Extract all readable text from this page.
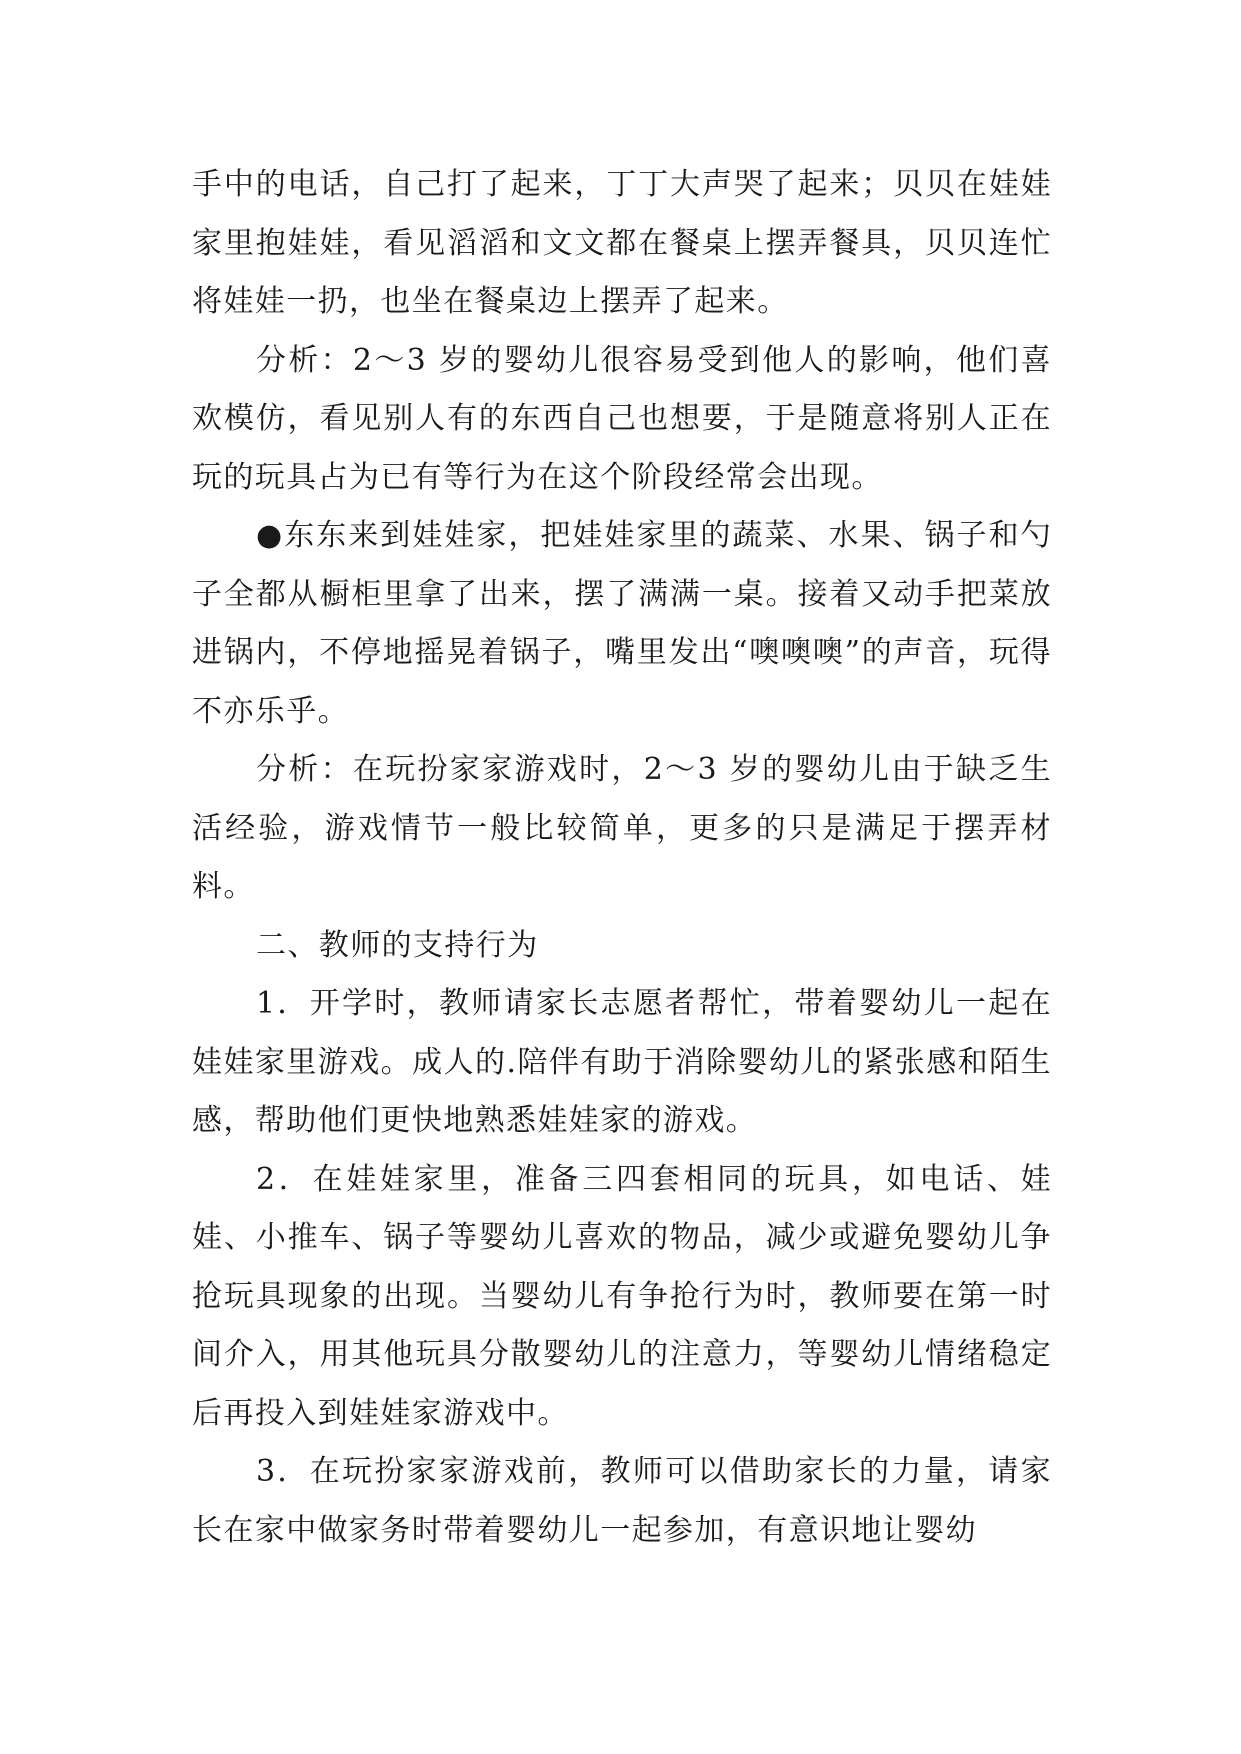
手中的电话，自己打了起来，丁丁大声哭了起来；贝贝在娃娃家里抱娃娃，看见滔滔和文文都在餐桌上摆弄餐具，贝贝连忙将娃娃一扔，也坐在餐桌边上摆弄了起来。

分析：2～3 岁的婴幼儿很容易受到他人的影响，他们喜欢模仿，看见别人有的东西自己也想要，于是随意将别人正在玩的玩具占为已有等行为在这个阶段经常会出现。

●东东来到娃娃家，把娃娃家里的蔬菜、水果、锅子和勺子全都从橱柜里拿了出来，摆了满满一桌。接着又动手把菜放进锅内，不停地摇晃着锅子，嘴里发出“噢噢噢”的声音，玩得不亦乐乎。

分析：在玩扮家家游戏时，2～3 岁的婴幼儿由于缺乏生活经验，游戏情节一般比较简单，更多的只是满足于摆弄材料。

二、教师的支持行为

1．开学时，教师请家长志愿者帮忙，带着婴幼儿一起在娃娃家里游戏。成人的.陪伴有助于消除婴幼儿的紧张感和陌生感，帮助他们更快地熟悉娃娃家的游戏。

2．在娃娃家里，准备三四套相同的玩具，如电话、娃娃、小推车、锅子等婴幼儿喜欢的物品，减少或避免婴幼儿争抢玩具现象的出现。当婴幼儿有争抢行为时，教师要在第一时间介入，用其他玩具分散婴幼儿的注意力，等婴幼儿情绪稳定后再投入到娃娃家游戏中。

3．在玩扮家家游戏前，教师可以借助家长的力量，请家长在家中做家务时带着婴幼儿一起参加，有意识地让婴幼
